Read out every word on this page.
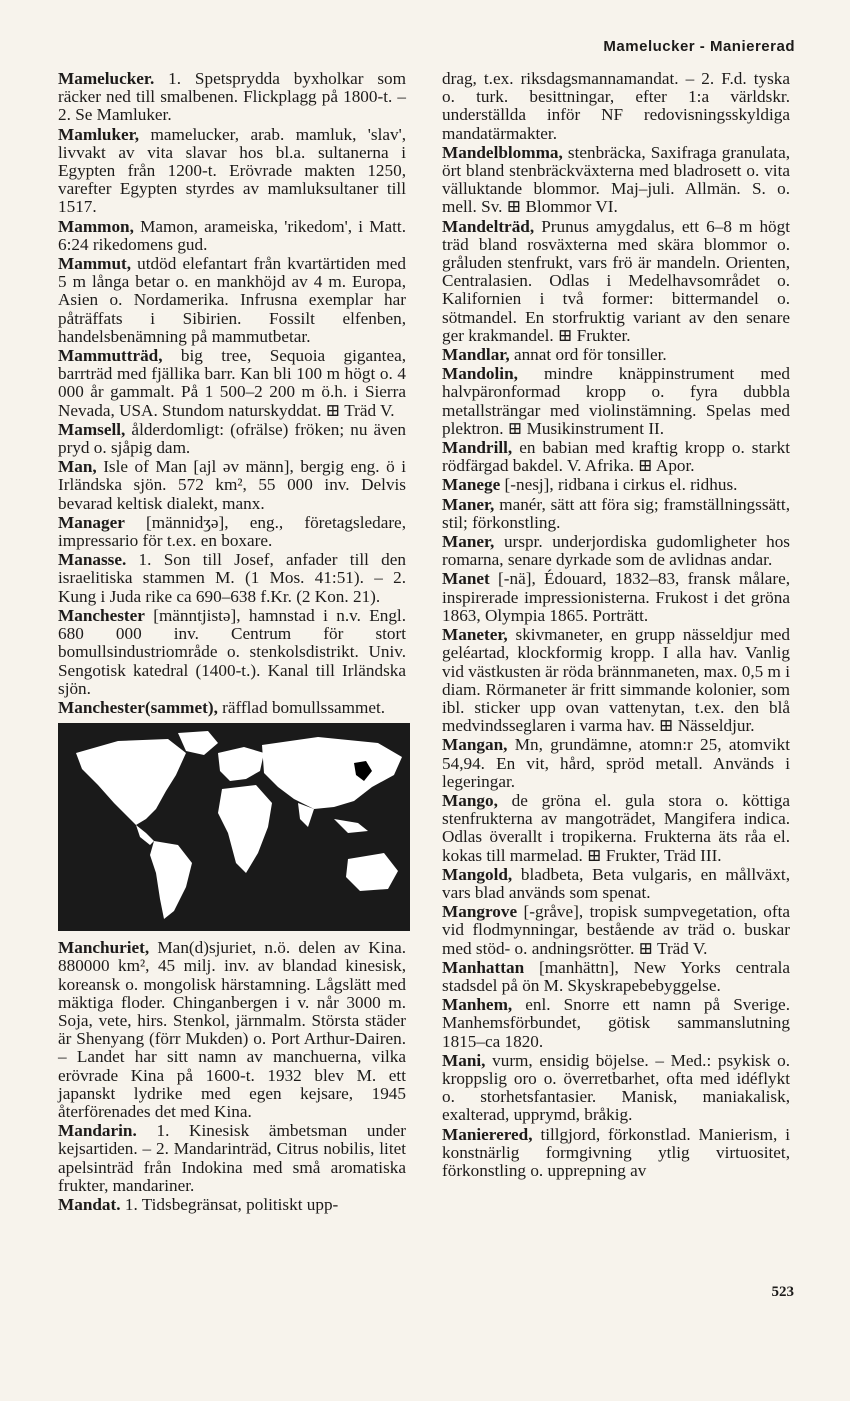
Mamelucker - Maniererad

Mamelucker. 1. Spetsprydda byxholkar som räcker ned till smalbenen. Flickplagg på 1800-t. – 2. Se Mamluker.

Mamluker, mamelucker, arab. mamluk, 'slav', livvakt av vita slavar hos bl.a. sultanerna i Egypten från 1200-t. Erövrade makten 1250, varefter Egypten styrdes av mamluksultaner till 1517.

Mammon, Mamon, arameiska, 'rikedom', i Matt. 6:24 rikedomens gud.

Mammut, utdöd elefantart från kvartärtiden med 5 m långa betar o. en mankhöjd av 4 m. Europa, Asien o. Nordamerika. Infrusna exemplar har påträffats i Sibirien. Fossilt elfenben, handelsbenämning på mammutbetar.

Mammutträd, big tree, Sequoia gigantea, barrträd med fjällika barr. Kan bli 100 m högt o. 4 000 år gammalt. På 1 500–2 200 m ö.h. i Sierra Nevada, USA. Stundom naturskyddat. ⊞ Träd V.

Mamsell, ålderdomligt: (ofrälse) fröken; nu även pryd o. sjåpig dam.

Man, Isle of Man [ajl əv männ], bergig eng. ö i Irländska sjön. 572 km², 55 000 inv. Delvis bevarad keltisk dialekt, manx.

Manager [männidʒə], eng., företagsledare, impressario för t.ex. en boxare.

Manasse. 1. Son till Josef, anfader till den israelitiska stammen M. (1 Mos. 41:51). – 2. Kung i Juda rike ca 690–638 f.Kr. (2 Kon. 21).

Manchester [männtjistə], hamnstad i n.v. Engl. 680 000 inv. Centrum för stort bomullsindustriområde o. stenkolsdistrikt. Univ. Sengotisk katedral (1400-t.). Kanal till Irländska sjön.

Manchester(sammet), räfflad bomullssammet.

Manchuriet, Man(d)sjuriet, n.ö. delen av Kina. 880000 km², 45 milj. inv. av blandad kinesisk, koreansk o. mongolisk härstamning. Lågslätt med mäktiga floder. Chinganbergen i v. når 3000 m. Soja, vete, hirs. Stenkol, järnmalm. Största städer är Shenyang (förr Mukden) o. Port Arthur-Dairen. – Landet har sitt namn av manchuerna, vilka erövrade Kina på 1600-t. 1932 blev M. ett japanskt lydrike med egen kejsare, 1945 återförenades det med Kina.

Mandarin. 1. Kinesisk ämbetsman under kejsartiden. – 2. Mandarinträd, Citrus nobilis, litet apelsinträd från Indokina med små aromatiska frukter, mandariner.

Mandat. 1. Tidsbegränsat, politiskt upp-

drag, t.ex. riksdagsmannamandat. – 2. F.d. tyska o. turk. besittningar, efter 1:a världskr. underställda inför NF redovisningsskyldiga mandatärmakter.

Mandelblomma, stenbräcka, Saxifraga granulata, ört bland stenbräckväxterna med bladrosett o. vita välluktande blommor. Maj–juli. Allmän. S. o. mell. Sv. ⊞ Blommor VI.

Mandelträd, Prunus amygdalus, ett 6–8 m högt träd bland rosväxterna med skära blommor o. gråluden stenfrukt, vars frö är mandeln. Orienten, Centralasien. Odlas i Medelhavsområdet o. Kalifornien i två former: bittermandel o. sötmandel. En storfruktig variant av den senare ger krakmandel. ⊞ Frukter.

Mandlar, annat ord för tonsiller.

Mandolin, mindre knäppinstrument med halvpäronformad kropp o. fyra dubbla metallsträngar med violinstämning. Spelas med plektron. ⊞ Musikinstrument II.

Mandrill, en babian med kraftig kropp o. starkt rödfärgad bakdel. V. Afrika. ⊞ Apor.

Manege [-nesj], ridbana i cirkus el. ridhus.

Maner, manér, sätt att föra sig; framställningssätt, stil; förkonstling.

Maner, urspr. underjordiska gudomligheter hos romarna, senare dyrkade som de avlidnas andar.

Manet [-nä], Édouard, 1832–83, fransk målare, inspirerade impressionisterna. Frukost i det gröna 1863, Olympia 1865. Porträtt.

Maneter, skivmaneter, en grupp nässeldjur med geléartad, klockformig kropp. I alla hav. Vanlig vid västkusten är röda brännmaneten, max. 0,5 m i diam. Rörmaneter är fritt simmande kolonier, som ibl. sticker upp ovan vattenytan, t.ex. den blå medvindsseglaren i varma hav. ⊞ Nässeldjur.

Mangan, Mn, grundämne, atomn:r 25, atomvikt 54,94. En vit, hård, spröd metall. Används i legeringar.

Mango, de gröna el. gula stora o. köttiga stenfrukterna av mangoträdet, Mangifera indica. Odlas överallt i tropikerna. Frukterna äts råa el. kokas till marmelad. ⊞ Frukter, Träd III.

Mangold, bladbeta, Beta vulgaris, en mållväxt, vars blad används som spenat.

Mangrove [-gråve], tropisk sumpvegetation, ofta vid flodmynningar, bestående av träd o. buskar med stöd- o. andningsrötter. ⊞ Träd V.

Manhattan [manhättn], New Yorks centrala stadsdel på ön M. Skyskrapebebyggelse.

Manhem, enl. Snorre ett namn på Sverige. Manhemsförbundet, götisk sammanslutning 1815–ca 1820.

Mani, vurm, ensidig böjelse. – Med.: psykisk o. kroppslig oro o. överretbarhet, ofta med idéflykt o. storhetsfantasier. Manisk, maniakalisk, exalterad, upprymd, bråkig.

Manierered, tillgjord, förkonstlad. Manierism, i konstnärlig formgivning ytlig virtuositet, förkonstling o. upprepning av

523
